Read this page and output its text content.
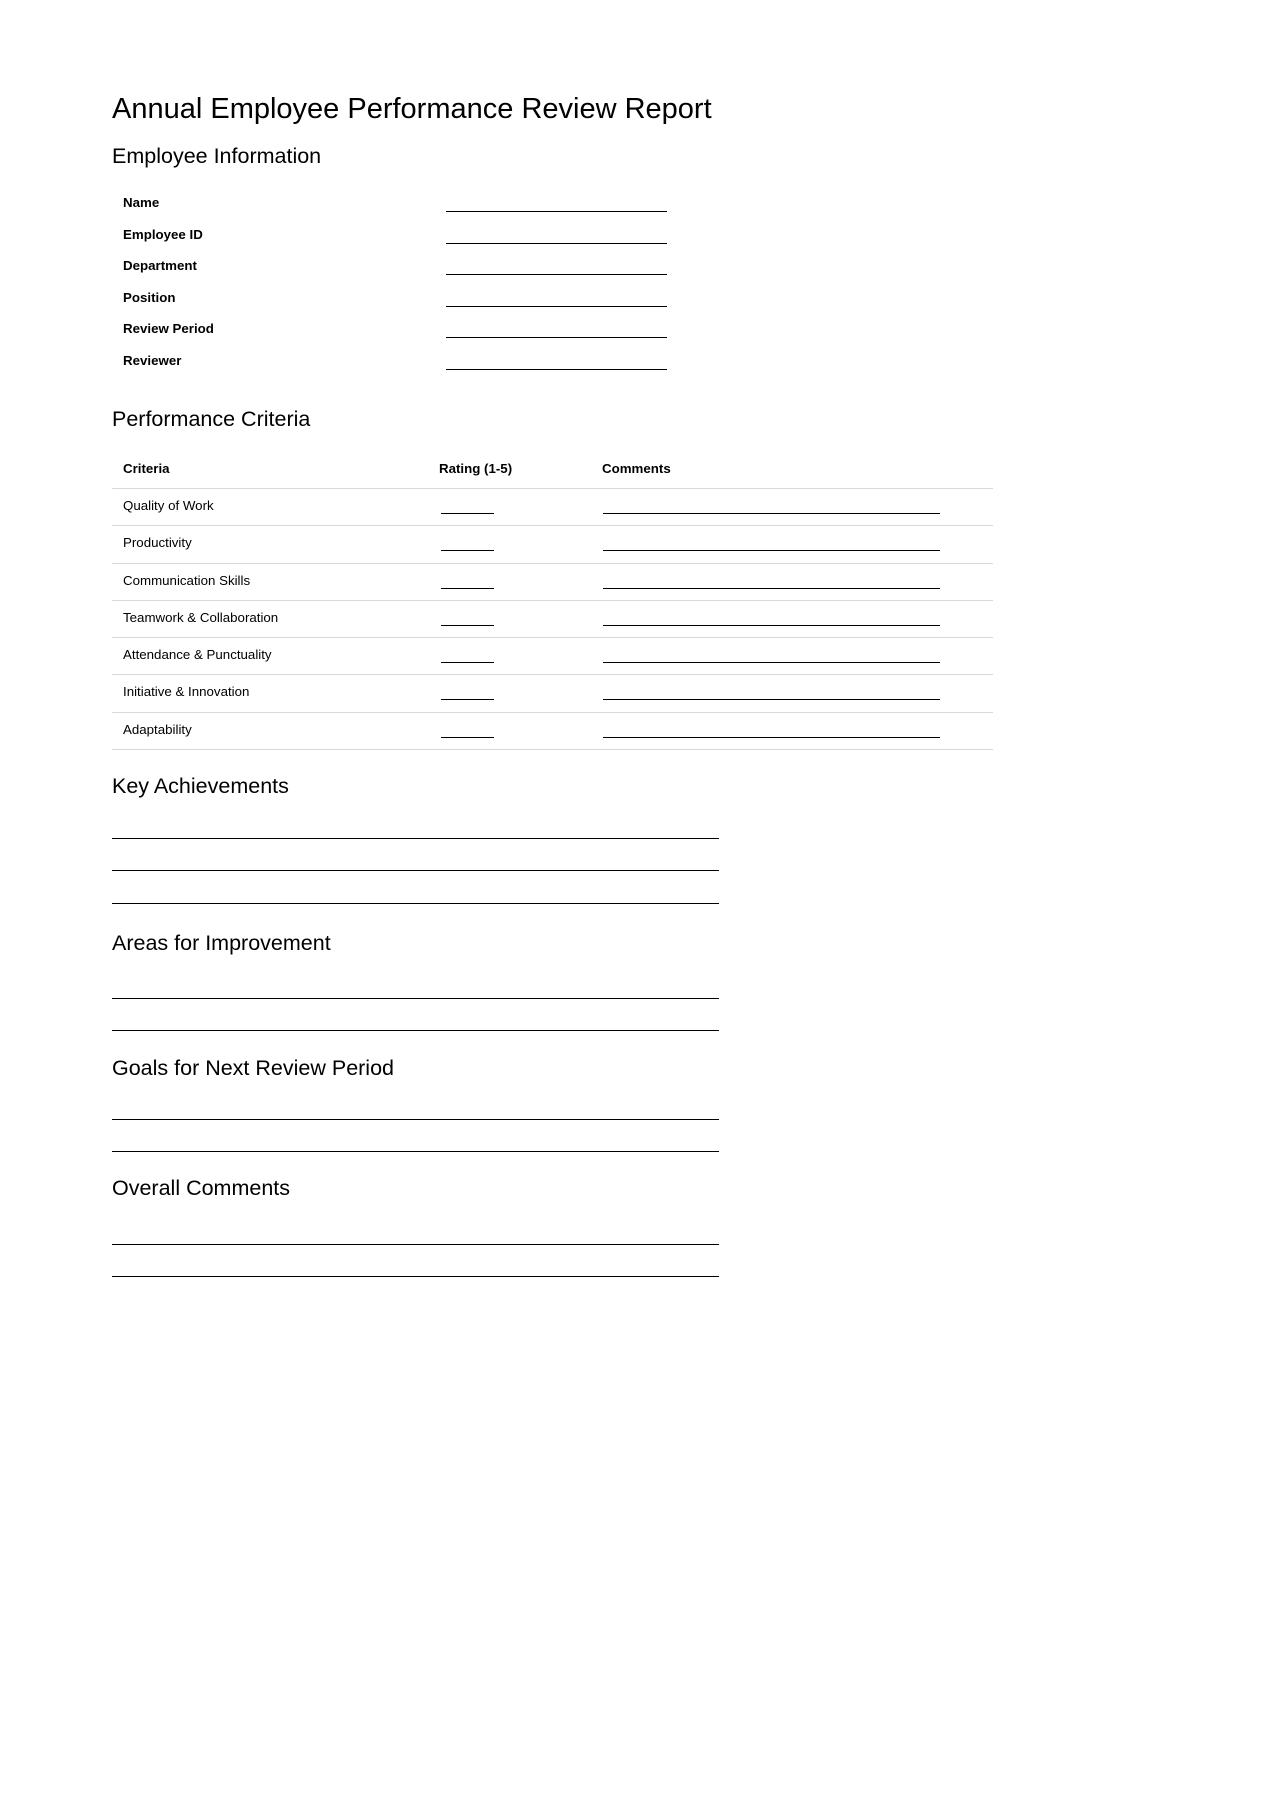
Annual Employee Performance Review Report
Employee Information
Name
Employee ID
Department
Position
Review Period
Reviewer
Performance Criteria
Criteria	Rating (1-5)	Comments
Quality of Work
Productivity
Communication Skills
Teamwork & Collaboration
Attendance & Punctuality
Initiative & Innovation
Adaptability
Key Achievements
Areas for Improvement
Goals for Next Review Period
Overall Comments
